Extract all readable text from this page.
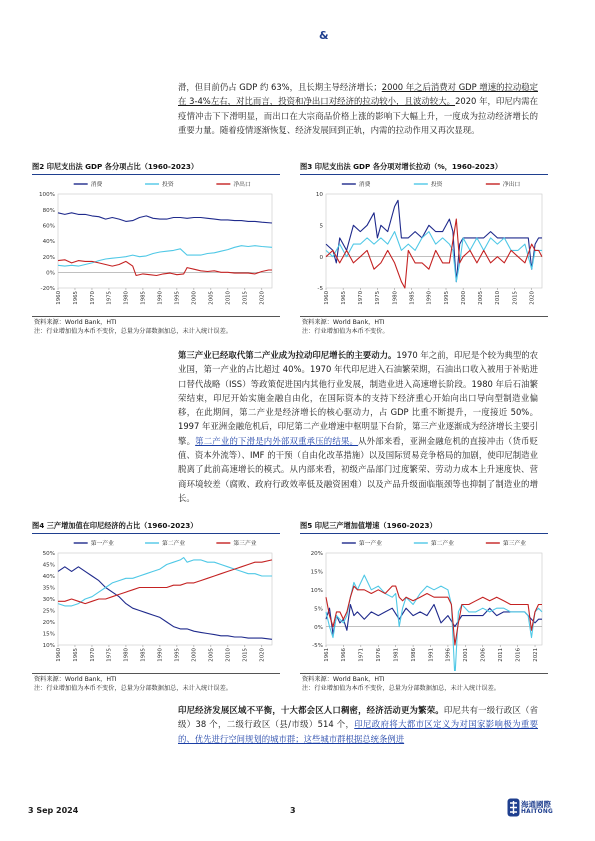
&
滑，但目前仍占 GDP 约 63%，且长期主导经济增长；2000 年之后消费对 GDP 增速的拉动稳定在 3-4%左右，对比而言，投资和净出口对经济的拉动较小，且波动较大。2020 年，印尼内需在疫情冲击下下滑明显，而出口在大宗商品价格上涨的影响下大幅上升，一度成为拉动经济增长的重要力量。随着疫情逐渐恢复、经济发展回到正轨，内需的拉动作用又再次显现。
图2 印尼支出法 GDP 各分项占比（1960-2023）	图3 印尼支出法 GDP 各分项对增长拉动（%，1960-2023）
-20%
0%
20%
40%
60%
80%
100%
1960 1965 1970 1975 1980 1985 1990 1995 2000 2005 2010 2015 2020
消费	投资	净出口
-5
0
5
10
1960 1965 1970 1975 1980 1985 1990 1995 2000 2005 2010 2015 2020
消费	投资	净出口
资料来源：World Bank，HTI
注：行业增加值为本币不变价，总量为分部数据加总，未计入统计误差。
资料来源：World Bank，HTI
注：行业增加值为本币不变价。
第三产业已经取代第二产业成为拉动印尼增长的主要动力。1970 年之前，印尼是个较为典型的农业国，第一产业的占比超过 40%。1970 年代印尼进入石油繁荣期，石油出口收入被用于补贴进口替代战略（ISS）等政策促进国内其他行业发展，制造业进入高速增长阶段。1980 年后石油繁荣结束，印尼开始实施金融自由化，在国际资本的支持下经济重心开始向出口导向型制造业偏移，在此期间，第二产业是经济增长的核心驱动力，占 GDP 比重不断提升，一度接近 50%。1997 年亚洲金融危机后，印尼第二产业增速中枢明显下台阶，第三产业逐渐成为经济增长主要引擎。第二产业的下滑是内外部双重承压的结果。从外部来看，亚洲金融危机的直接冲击（货币贬值、资本外流等）、IMF 的干预（自由化改革措施）以及国际贸易竞争格局的加剧，使印尼制造业脱离了此前高速增长的模式。从内部来看，初级产品部门过度繁荣、劳动力成本上升速度快、营商环境较差（腐败、政府行政效率低及融资困难）以及产品升级面临瓶颈等也抑制了制造业的增长。
图4 三产增加值在印尼经济的占比（1960-2023）	图5 印尼三产增加值增速（1960-2023）
10%
15%
20%
25%
30%
35%
40%
45%
50%
1960 1965 1970 1975 1980 1985 1990 1995 2000 2005 2010 2015 2020
第一产业	第二产业	第三产业
-5%
0%
5%
10%
15%
20%
1961 1966 1971 1976 1981 1986 1991 1996 2001 2006 2011 2016 2021
第一产业	第二产业	第三产业
资料来源：World Bank，HTI
注：行业增加值为本币不变价，总量为分部数据加总，未计入统计误差。
资料来源：World Bank，HTI
注：行业增加值为本币不变价，总量为分部数据加总，未计入统计误差。
印尼经济发展区域不平衡，十大都会区人口稠密，经济活动更为繁荣。印尼共有一级行政区（省级）38 个，二级行政区（县/市级）514 个，印尼政府将大都市区定义为对国家影响极为重要的、优先进行空间规划的城市群；这些城市群根据总统条例进
3 Sep 2024	3
海通國際
HAITONG
